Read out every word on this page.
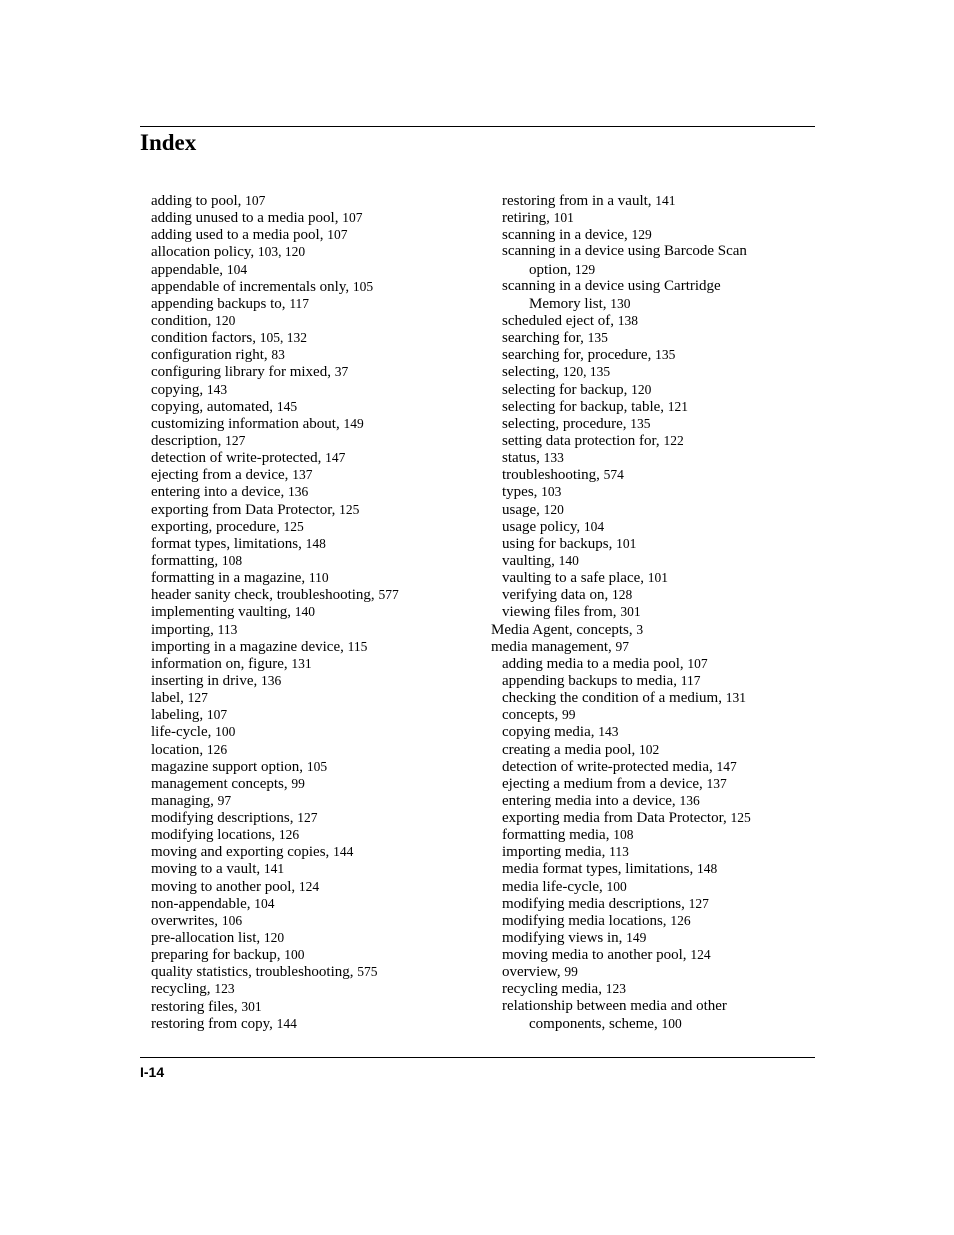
Index
adding to pool, 107
adding unused to a media pool, 107
adding used to a media pool, 107
allocation policy, 103, 120
appendable, 104
appendable of incrementals only, 105
appending backups to, 117
condition, 120
condition factors, 105, 132
configuration right, 83
configuring library for mixed, 37
copying, 143
copying, automated, 145
customizing information about, 149
description, 127
detection of write-protected, 147
ejecting from a device, 137
entering into a device, 136
exporting from Data Protector, 125
exporting, procedure, 125
format types, limitations, 148
formatting, 108
formatting in a magazine, 110
header sanity check, troubleshooting, 577
implementing vaulting, 140
importing, 113
importing in a magazine device, 115
information on, figure, 131
inserting in drive, 136
label, 127
labeling, 107
life-cycle, 100
location, 126
magazine support option, 105
management concepts, 99
managing, 97
modifying descriptions, 127
modifying locations, 126
moving and exporting copies, 144
moving to a vault, 141
moving to another pool, 124
non-appendable, 104
overwrites, 106
pre-allocation list, 120
preparing for backup, 100
quality statistics, troubleshooting, 575
recycling, 123
restoring files, 301
restoring from copy, 144
restoring from in a vault, 141
retiring, 101
scanning in a device, 129
scanning in a device using Barcode Scan
option, 129
scanning in a device using Cartridge
Memory list, 130
scheduled eject of, 138
searching for, 135
searching for, procedure, 135
selecting, 120, 135
selecting for backup, 120
selecting for backup, table, 121
selecting, procedure, 135
setting data protection for, 122
status, 133
troubleshooting, 574
types, 103
usage, 120
usage policy, 104
using for backups, 101
vaulting, 140
vaulting to a safe place, 101
verifying data on, 128
viewing files from, 301
Media Agent, concepts, 3
media management, 97
adding media to a media pool, 107
appending backups to media, 117
checking the condition of a medium, 131
concepts, 99
copying media, 143
creating a media pool, 102
detection of write-protected media, 147
ejecting a medium from a device, 137
entering media into a device, 136
exporting media from Data Protector, 125
formatting media, 108
importing media, 113
media format types, limitations, 148
media life-cycle, 100
modifying media descriptions, 127
modifying media locations, 126
modifying views in, 149
moving media to another pool, 124
overview, 99
recycling media, 123
relationship between media and other
components, scheme, 100
I-14
